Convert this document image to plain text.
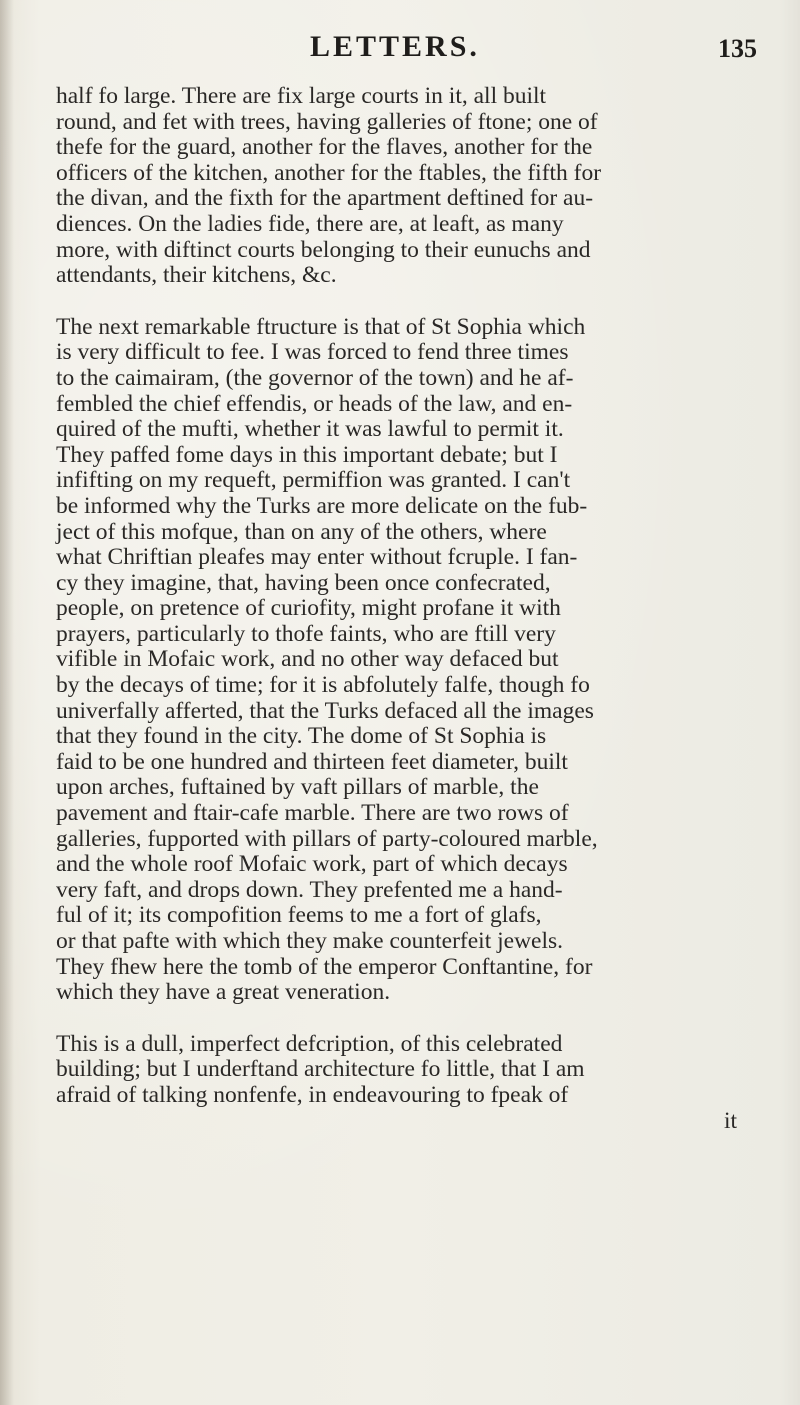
LETTERS.	135
half fo large. There are fix large courts in it, all built
round, and fet with trees, having galleries of ftone; one of
thefe for the guard, another for the flaves, another for the
officers of the kitchen, another for the ftables, the fifth for
the divan, and the fixth for the apartment deftined for au-
diences. On the ladies fide, there are, at leaft, as many
more, with diftinct courts belonging to their eunuchs and
attendants, their kitchens, &c.
The next remarkable ftructure is that of St Sophia which
is very difficult to fee. I was forced to fend three times
to the caimairam, (the governor of the town) and he af-
fembled the chief effendis, or heads of the law, and en-
quired of the mufti, whether it was lawful to permit it.
They paffed fome days in this important debate; but I
infifting on my requeft, permiffion was granted. I can't
be informed why the Turks are more delicate on the fub-
ject of this mofque, than on any of the others, where
what Chriftian pleafes may enter without fcruple. I fan-
cy they imagine, that, having been once confecrated,
people, on pretence of curiofity, might profane it with
prayers, particularly to thofe faints, who are ftill very
vifible in Mofaic work, and no other way defaced but
by the decays of time; for it is abfolutely falfe, though fo
univerfally afferted, that the Turks defaced all the images
that they found in the city. The dome of St Sophia is
faid to be one hundred and thirteen feet diameter, built
upon arches, fuftained by vaft pillars of marble, the
pavement and ftair-cafe marble. There are two rows of
galleries, fupported with pillars of party-coloured marble,
and the whole roof Mofaic work, part of which decays
very faft, and drops down. They prefented me a hand-
ful of it; its compofition feems to me a fort of glafs,
or that pafte with which they make counterfeit jewels.
They fhew here the tomb of the emperor Conftantine, for
which they have a great veneration.
This is a dull, imperfect defcription, of this celebrated
building; but I underftand architecture fo little, that I am
afraid of talking nonfenfe, in endeavouring to fpeak of
it
